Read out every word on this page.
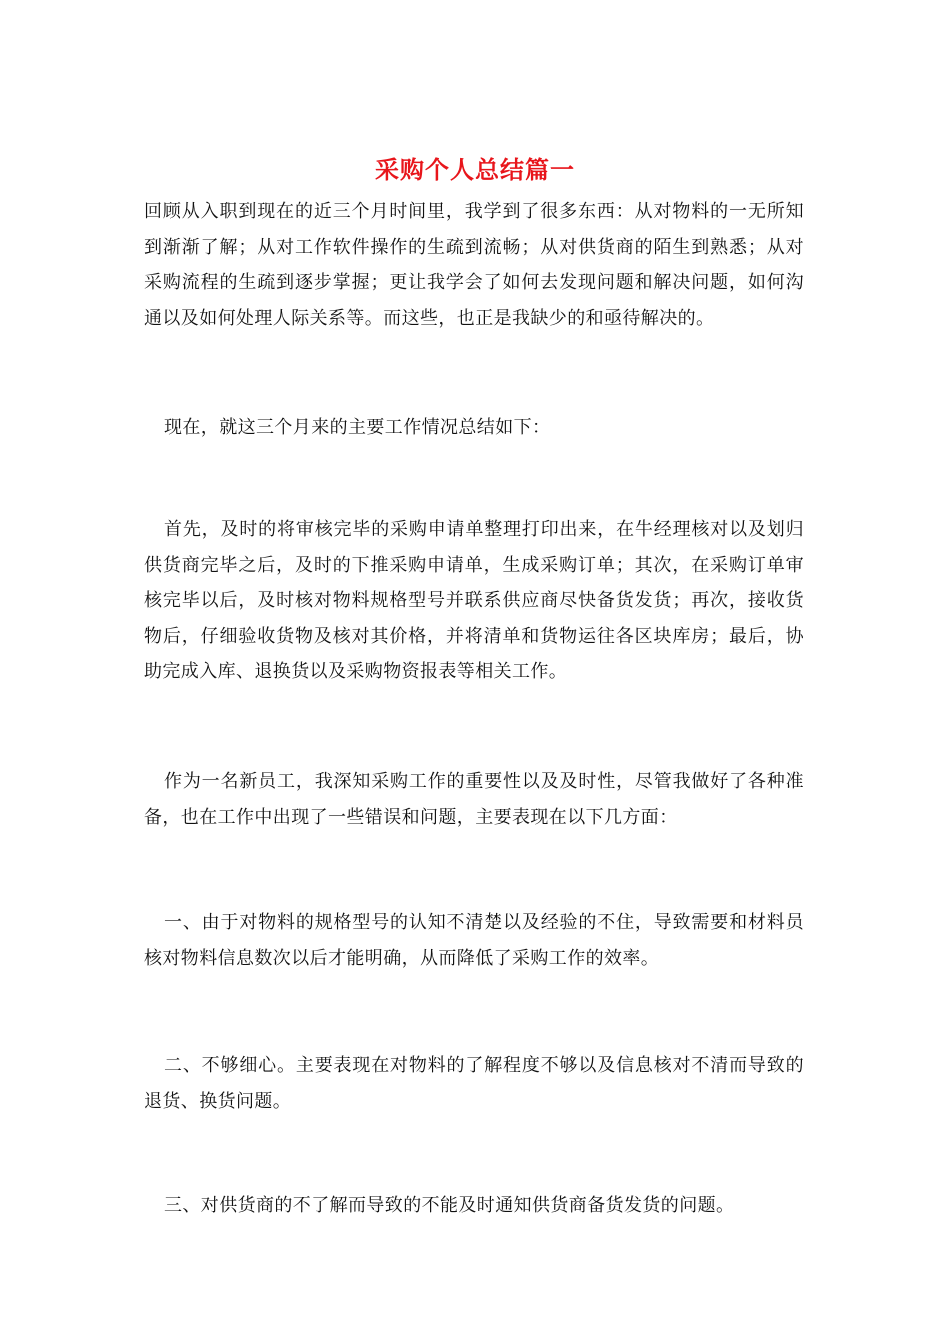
采购个人总结篇一

回顾从入职到现在的近三个月时间里，我学到了很多东西：从对物料的一无所知到渐渐了解；从对工作软件操作的生疏到流畅；从对供货商的陌生到熟悉；从对采购流程的生疏到逐步掌握；更让我学会了如何去发现问题和解决问题，如何沟通以及如何处理人际关系等。而这些，也正是我缺少的和亟待解决的。

现在，就这三个月来的主要工作情况总结如下：

首先，及时的将审核完毕的采购申请单整理打印出来，在牛经理核对以及划归供货商完毕之后，及时的下推采购申请单，生成采购订单；其次，在采购订单审核完毕以后，及时核对物料规格型号并联系供应商尽快备货发货；再次，接收货物后，仔细验收货物及核对其价格，并将清单和货物运往各区块库房；最后，协助完成入库、退换货以及采购物资报表等相关工作。

作为一名新员工，我深知采购工作的重要性以及及时性，尽管我做好了各种准备，也在工作中出现了一些错误和问题，主要表现在以下几方面：

一、由于对物料的规格型号的认知不清楚以及经验的不住，导致需要和材料员核对物料信息数次以后才能明确，从而降低了采购工作的效率。

二、不够细心。主要表现在对物料的了解程度不够以及信息核对不清而导致的退货、换货问题。

三、对供货商的不了解而导致的不能及时通知供货商备货发货的问题。
